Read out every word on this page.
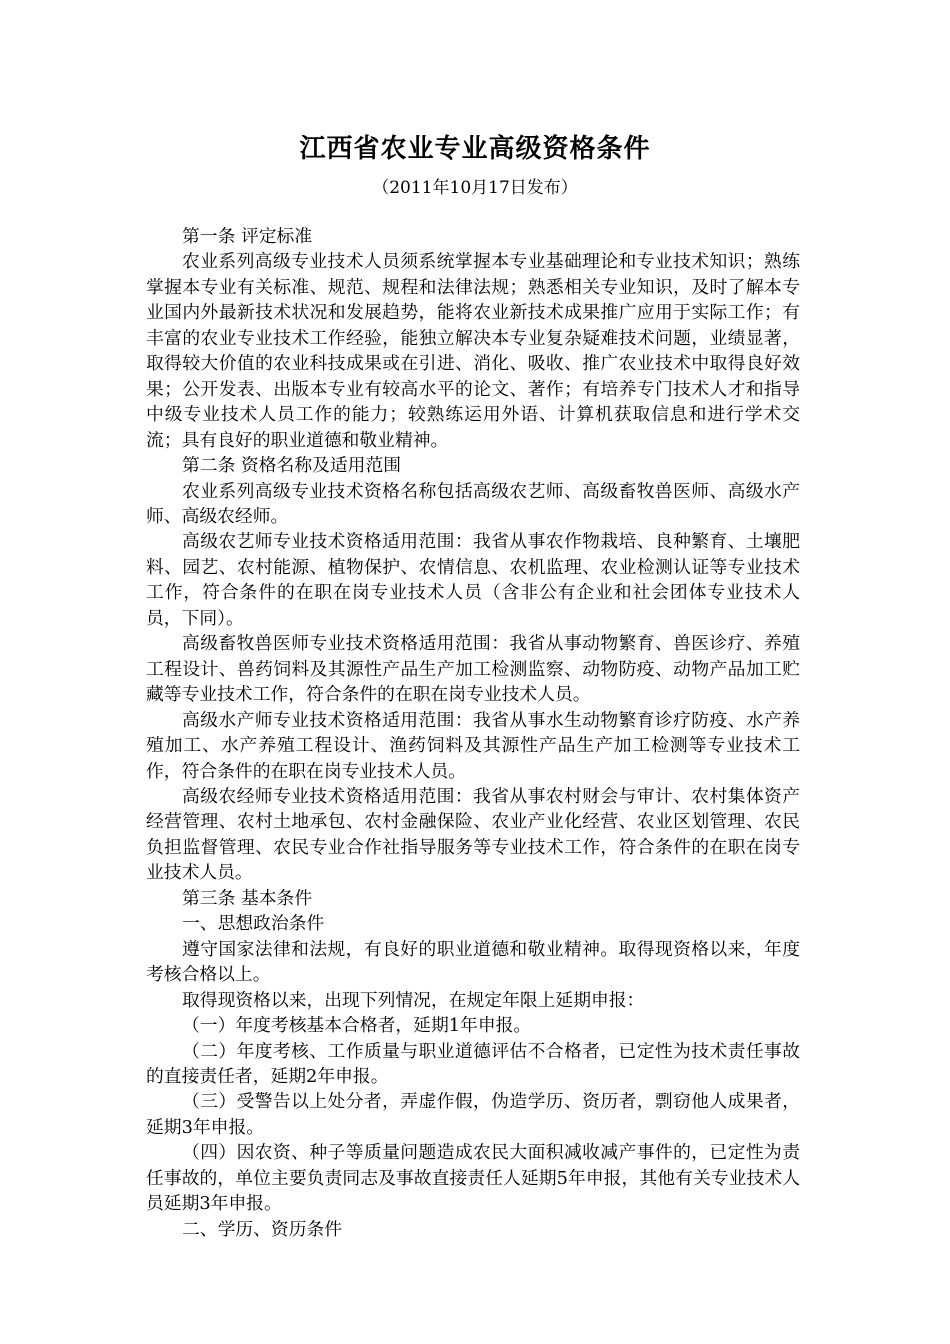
江西省农业专业高级资格条件
（2011年10月17日发布）

第一条 评定标准

农业系列高级专业技术人员须系统掌握本专业基础理论和专业技术知识；熟练掌握本专业有关标准、规范、规程和法律法规；熟悉相关专业知识，及时了解本专业国内外最新技术状况和发展趋势，能将农业新技术成果推广应用于实际工作；有丰富的农业专业技术工作经验，能独立解决本专业复杂疑难技术问题，业绩显著，取得较大价值的农业科技成果或在引进、消化、吸收、推广农业技术中取得良好效果；公开发表、出版本专业有较高水平的论文、著作；有培养专门技术人才和指导中级专业技术人员工作的能力；较熟练运用外语、计算机获取信息和进行学术交流；具有良好的职业道德和敬业精神。

第二条 资格名称及适用范围

农业系列高级专业技术资格名称包括高级农艺师、高级畜牧兽医师、高级水产师、高级农经师。

高级农艺师专业技术资格适用范围：我省从事农作物栽培、良种繁育、土壤肥料、园艺、农村能源、植物保护、农情信息、农机监理、农业检测认证等专业技术工作，符合条件的在职在岗专业技术人员（含非公有企业和社会团体专业技术人员，下同）。

高级畜牧兽医师专业技术资格适用范围：我省从事动物繁育、兽医诊疗、养殖工程设计、兽药饲料及其源性产品生产加工检测监察、动物防疫、动物产品加工贮藏等专业技术工作，符合条件的在职在岗专业技术人员。

高级水产师专业技术资格适用范围：我省从事水生动物繁育诊疗防疫、水产养殖加工、水产养殖工程设计、渔药饲料及其源性产品生产加工检测等专业技术工作，符合条件的在职在岗专业技术人员。

高级农经师专业技术资格适用范围：我省从事农村财会与审计、农村集体资产经营管理、农村土地承包、农村金融保险、农业产业化经营、农业区划管理、农民负担监督管理、农民专业合作社指导服务等专业技术工作，符合条件的在职在岗专业技术人员。

第三条 基本条件

一、思想政治条件

遵守国家法律和法规，有良好的职业道德和敬业精神。取得现资格以来，年度考核合格以上。

取得现资格以来，出现下列情况，在规定年限上延期申报：

（一）年度考核基本合格者，延期1年申报。

（二）年度考核、工作质量与职业道德评估不合格者，已定性为技术责任事故的直接责任者，延期2年申报。

（三）受警告以上处分者，弄虚作假，伪造学历、资历者，剽窃他人成果者，延期3年申报。

（四）因农资、种子等质量问题造成农民大面积减收减产事件的，已定性为责任事故的，单位主要负责同志及事故直接责任人延期5年申报，其他有关专业技术人员延期3年申报。

二、学历、资历条件
